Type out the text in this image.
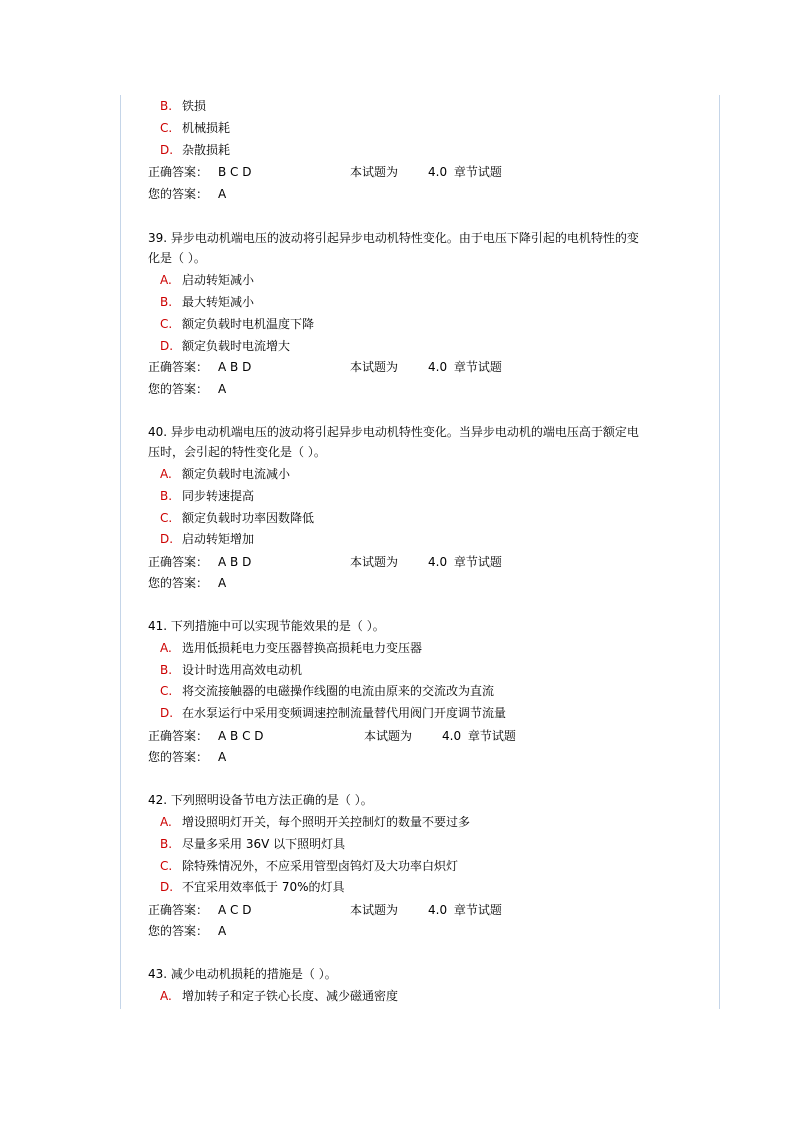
B. 铁损
C. 机械损耗
D. 杂散损耗
正确答案： B C D	本试题为 4.0 章节试题
您的答案： A
39. 异步电动机端电压的波动将引起异步电动机特性变化。由于电压下降引起的电机特性的变
化是（ ）。
A. 启动转矩减小
B. 最大转矩减小
C. 额定负载时电机温度下降
D. 额定负载时电流增大
正确答案： A B D	本试题为 4.0 章节试题
您的答案： A
40. 异步电动机端电压的波动将引起异步电动机特性变化。当异步电动机的端电压高于额定电
压时，会引起的特性变化是（ ）。
A. 额定负载时电流减小
B. 同步转速提高
C. 额定负载时功率因数降低
D. 启动转矩增加
正确答案： A B D	本试题为 4.0 章节试题
您的答案： A
41. 下列措施中可以实现节能效果的是（ ）。
A. 选用低损耗电力变压器替换高损耗电力变压器
B. 设计时选用高效电动机
C. 将交流接触器的电磁操作线圈的电流由原来的交流改为直流
D. 在水泵运行中采用变频调速控制流量替代用阀门开度调节流量
正确答案： A B C D	本试题为 4.0 章节试题
您的答案： A
42. 下列照明设备节电方法正确的是（ ）。
A. 增设照明灯开关，每个照明开关控制灯的数量不要过多
B. 尽量多采用 36V 以下照明灯具
C. 除特殊情况外，不应采用管型卤钨灯及大功率白炽灯
D. 不宜采用效率低于 70%的灯具
正确答案： A C D	本试题为 4.0 章节试题
您的答案： A
43. 减少电动机损耗的措施是（ ）。
A. 增加转子和定子铁心长度、减少磁通密度
